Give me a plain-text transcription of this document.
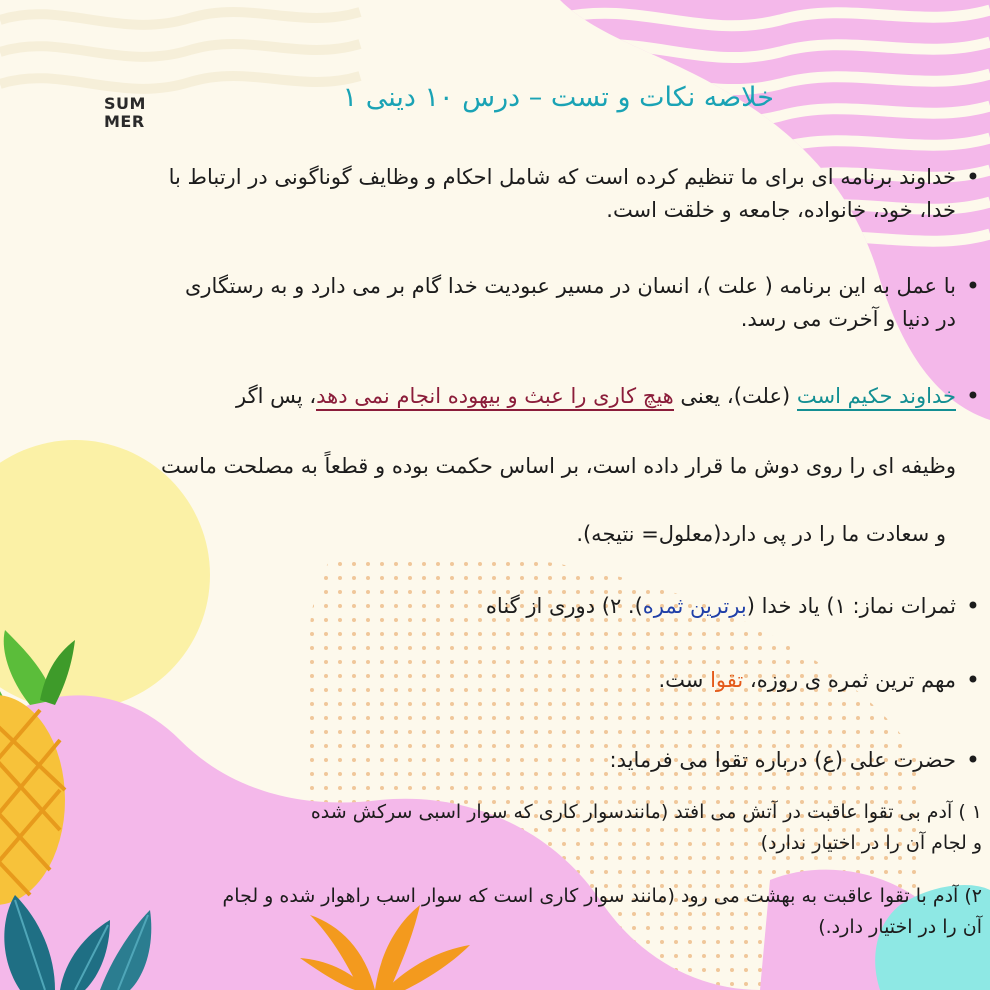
SUM
MER
خلاصه نکات و تست – درس ۱۰ دینی ۱
• خداوند برنامه ای برای ما تنظیم کرده است که شامل احکام و وظایف گوناگونی در ارتباط با
خدا، خود، خانواده، جامعه و خلقت است.
• با عمل به این برنامه ( علت )، انسان در مسیر عبودیت خدا گام بر می دارد و به رستگاری
در دنیا و آخرت می رسد.
• خداوند حکیم است (علت)، یعنی هیچ کاری را عبث و بیهوده انجام نمی دهد، پس اگر
وظیفه ای را روی دوش ما قرار داده است، بر اساس حکمت بوده و قطعاً به مصلحت ماست
و سعادت ما را در پی دارد(معلول= نتیجه).
• ثمرات نماز: ۱) یاد خدا (برترین ثمره). ۲) دوری از گناه
• مهم ترین ثمره ی روزه، تقوا ست.
• حضرت علی (ع) درباره تقوا می فرماید:
۱ ) آدم بی تقوا عاقبت در آتش می افتد (مانندسوار کاری که سوار اسبی سرکش شده
و لجام آن را در اختیار ندارد)
۲) آدم با تقوا عاقبت به بهشت می رود (مانند سوار کاری است که سوار اسب راهوار شده و لجام
آن را در اختیار دارد.)
